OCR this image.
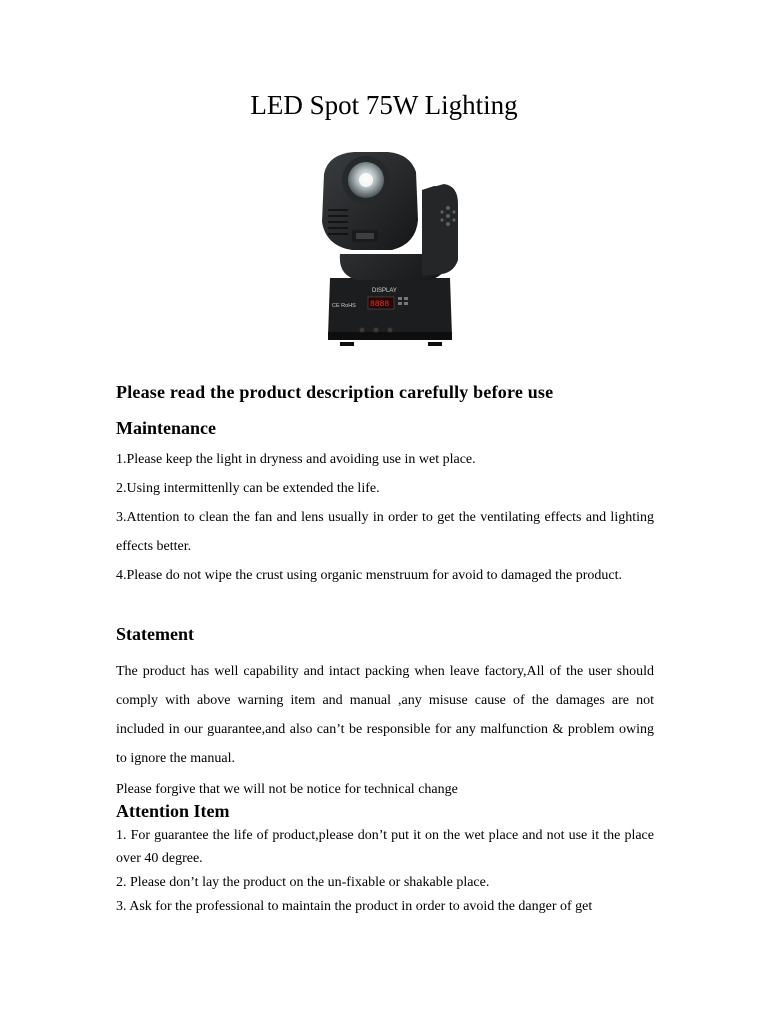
LED Spot 75W Lighting
DISPLAY
8888
CE RoHS

Please read the product description carefully before use

Maintenance

1.Please keep the light in dryness and avoiding use in wet place.

2.Using intermittenlly can be extended the life.

3.Attention to clean the fan and lens usually in order to get the ventilating effects and lighting effects better.

4.Please do not wipe the crust using organic menstruum for avoid to damaged the product.

Statement

The product has well capability and intact packing when leave factory,All of the user should comply with above warning item and manual ,any misuse cause of the damages are not included in our guarantee,and also can’t be responsible for any malfunction & problem owing to ignore the manual.

Please forgive that we will not be notice for technical change

Attention Item

1. For guarantee the life of product,please don’t put it on the wet place and not use it the place over 40 degree.

2. Please don’t lay the product on the un-fixable or shakable place.

3. Ask for the professional to maintain the product in order to avoid the danger of get
